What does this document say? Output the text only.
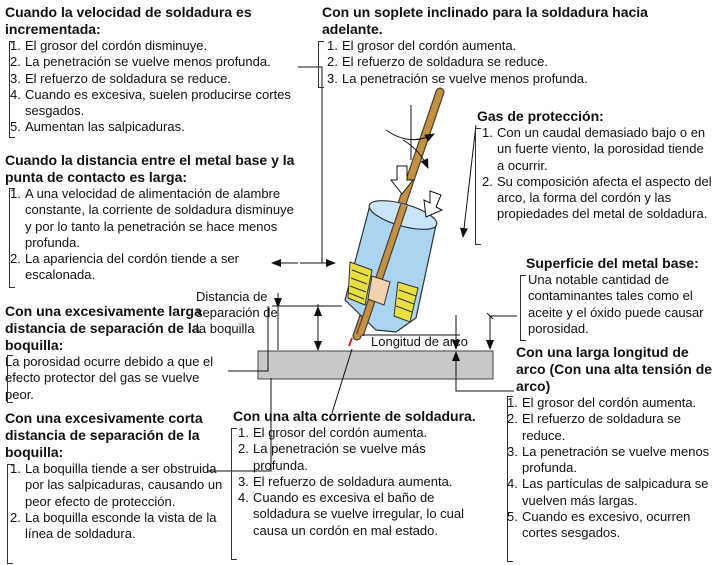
Cuando la velocidad de soldadura es incrementada:

1. El grosor del cordón disminuye.
2. La penetración se vuelve menos profunda.
3. El refuerzo de soldadura se reduce.
4. Cuando es excesiva, suelen producirse cortes sesgados.
5. Aumentan las salpicaduras.

Con un soplete inclinado para la soldadura hacia adelante.

1. El grosor del cordón aumenta.
2. El refuerzo de soldadura se reduce.
3. La penetración se vuelve menos profunda.

Gas de protección:

1. Con un caudal demasiado bajo o en un fuerte viento, la porosidad tiende a ocurrir.
2. Su composición afecta el aspecto del arco, la forma del cordón y las propiedades del metal de soldadura.

Cuando la distancia entre el metal base y la punta de contacto es larga:

1. A una velocidad de alimentación de alambre constante, la corriente de soldadura disminuye y por lo tanto la penetración se hace menos profunda.
2. La apariencia del cordón tiende a ser escalonada.

Superficie del metal base:

Una notable cantidad de contaminantes tales como el aceite y el óxido puede causar porosidad.

Con una excesivamente larga distancia de separación de la boquilla:

La porosidad ocurre debido a que el efecto protector del gas se vuelve peor.

Distancia de separación de la boquilla

Longitud de arco

Con una larga longitud de arco (Con una alta tensión de arco)

1. El grosor del cordón aumenta.
2. El refuerzo de soldadura se reduce.
3. La penetración se vuelve menos profunda.
4. Las partículas de salpicadura se vuelven más largas.
5. Cuando es excesivo, ocurren cortes sesgados.

Con una excesivamente corta distancia de separación de la boquilla:

1. La boquilla tiende a ser obstruida por las salpicaduras, causando un peor efecto de protección.
2. La boquilla esconde la vista de la línea de soldadura.

Con una alta corriente de soldadura.

1. El grosor del cordón aumenta.
2. La penetración se vuelve más profunda.
3. El refuerzo de soldadura aumenta.
4. Cuando es excesiva el baño de soldadura se vuelve irregular, lo cual causa un cordón en mal estado.
